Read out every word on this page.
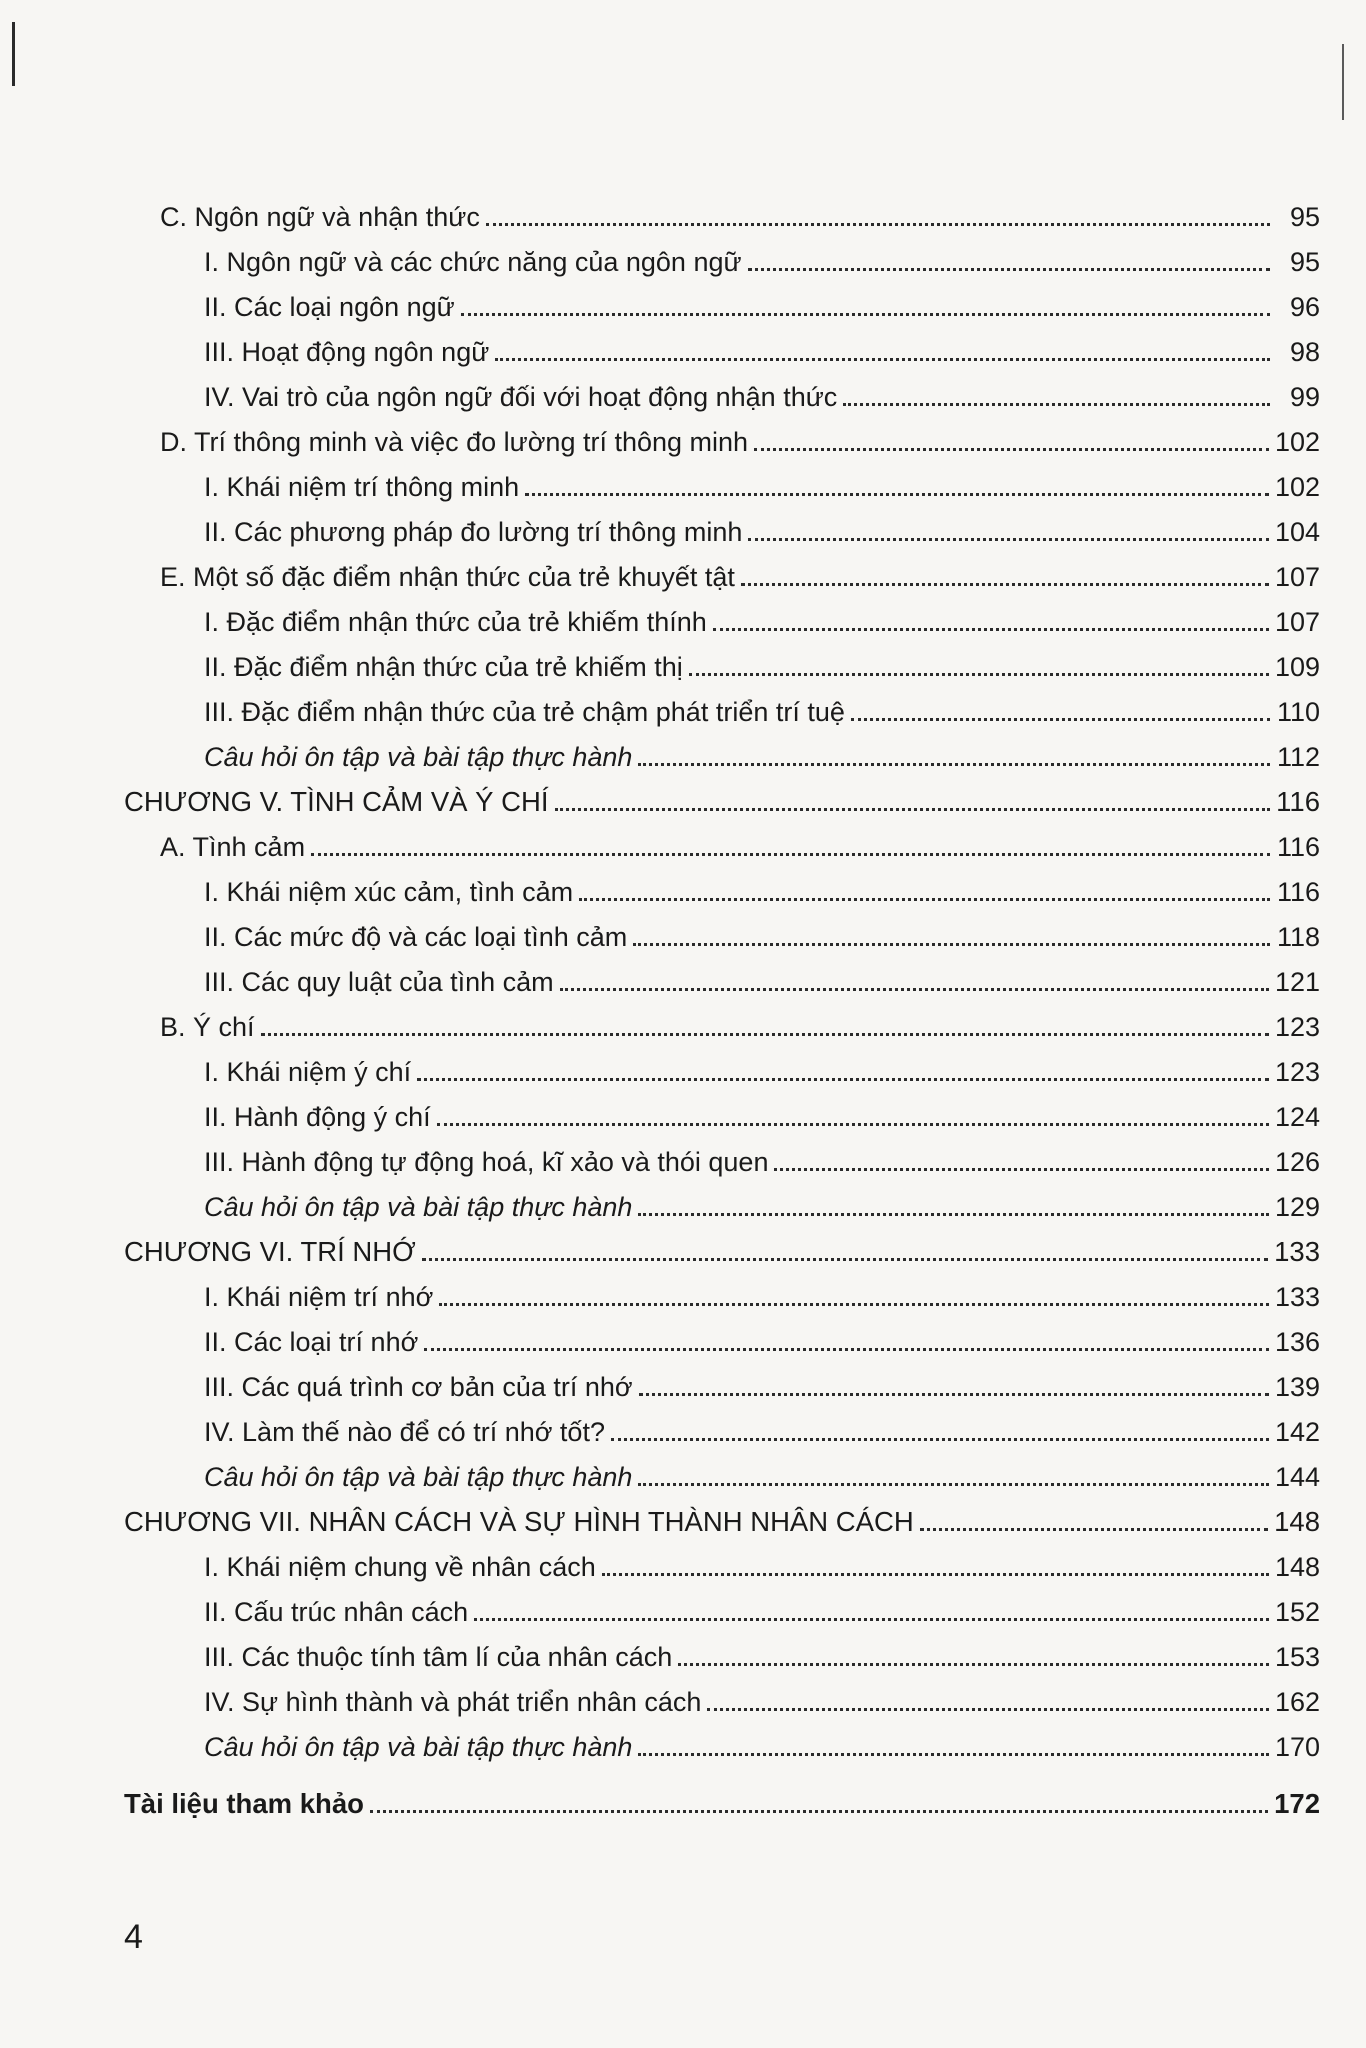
C. Ngôn ngữ và nhận thức	95
I. Ngôn ngữ và các chức năng của ngôn ngữ	95
II. Các loại ngôn ngữ	96
III. Hoạt động ngôn ngữ	98
IV. Vai trò của ngôn ngữ đối với hoạt động nhận thức	99
D. Trí thông minh và việc đo lường trí thông minh	102
I. Khái niệm trí thông minh	102
II. Các phương pháp đo lường trí thông minh	104
E. Một số đặc điểm nhận thức của trẻ khuyết tật	107
I. Đặc điểm nhận thức của trẻ khiếm thính	107
II. Đặc điểm nhận thức của trẻ khiếm thị	109
III. Đặc điểm nhận thức của trẻ chậm phát triển trí tuệ	110
Câu hỏi ôn tập và bài tập thực hành	112
CHƯƠNG V. TÌNH CẢM VÀ Ý CHÍ	116
A. Tình cảm	116
I. Khái niệm xúc cảm, tình cảm	116
II. Các mức độ và các loại tình cảm	118
III. Các quy luật của tình cảm	121
B. Ý chí	123
I. Khái niệm ý chí	123
II. Hành động ý chí	124
III. Hành động tự động hoá, kĩ xảo và thói quen	126
Câu hỏi ôn tập và bài tập thực hành	129
CHƯƠNG VI. TRÍ NHỚ	133
I. Khái niệm trí nhớ	133
II. Các loại trí nhớ	136
III. Các quá trình cơ bản của trí nhớ	139
IV. Làm thế nào để có trí nhớ tốt?	142
Câu hỏi ôn tập và bài tập thực hành	144
CHƯƠNG VII. NHÂN CÁCH VÀ SỰ HÌNH THÀNH NHÂN CÁCH	148
I. Khái niệm chung về nhân cách	148
II. Cấu trúc nhân cách	152
III. Các thuộc tính tâm lí của nhân cách	153
IV. Sự hình thành và phát triển nhân cách	162
Câu hỏi ôn tập và bài tập thực hành	170
Tài liệu tham khảo	172
4
